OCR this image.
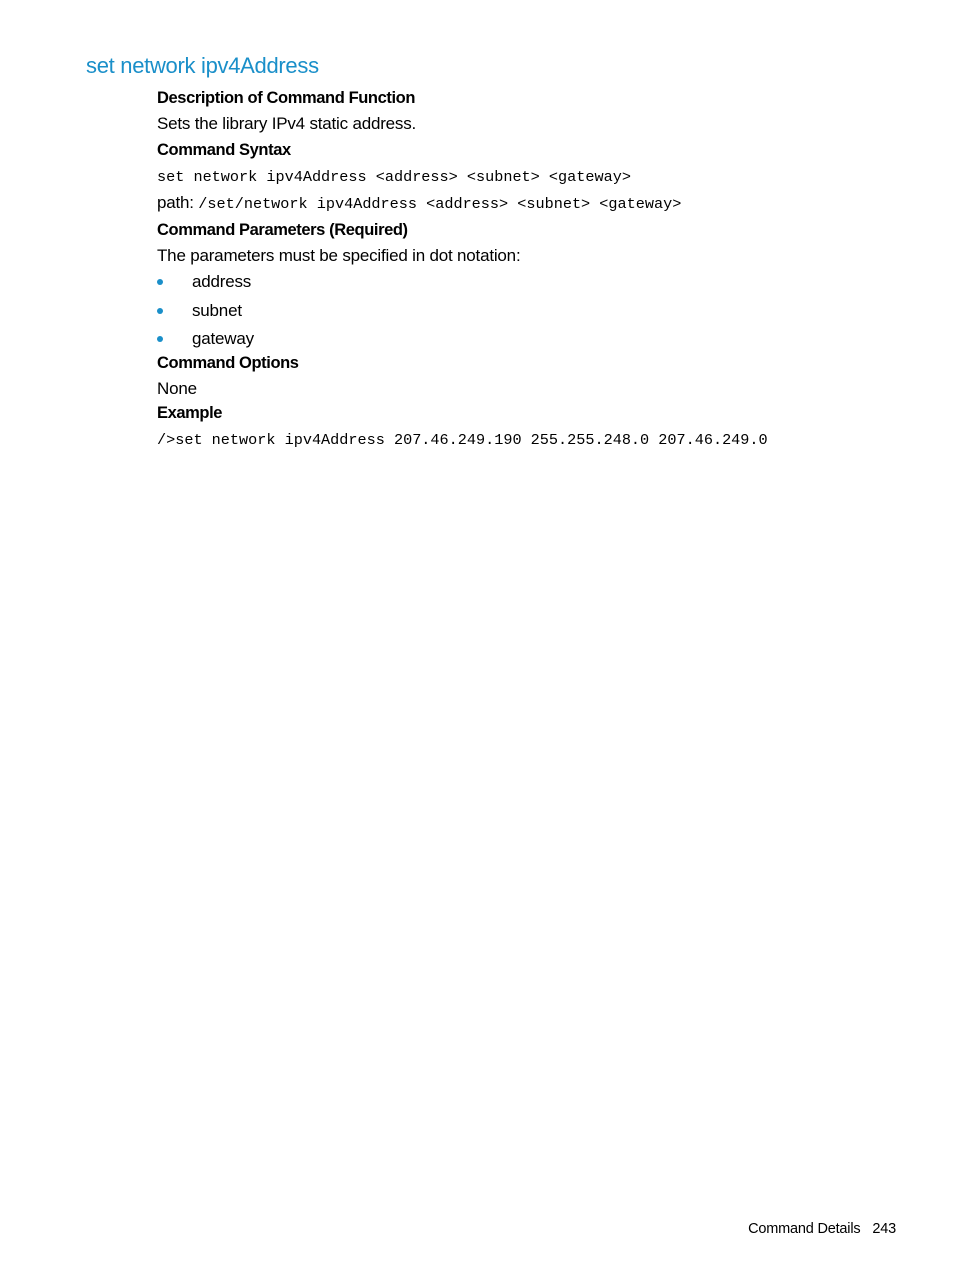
set network ipv4Address

Description of Command Function

Sets the library IPv4 static address.

Command Syntax

set network ipv4Address <address> <subnet> <gateway>

path: /set/network ipv4Address <address> <subnet> <gateway>

Command Parameters (Required)

The parameters must be specified in dot notation:

address
subnet
gateway

Command Options

None

Example

/>set network ipv4Address 207.46.249.190 255.255.248.0 207.46.249.0

Command Details 243
